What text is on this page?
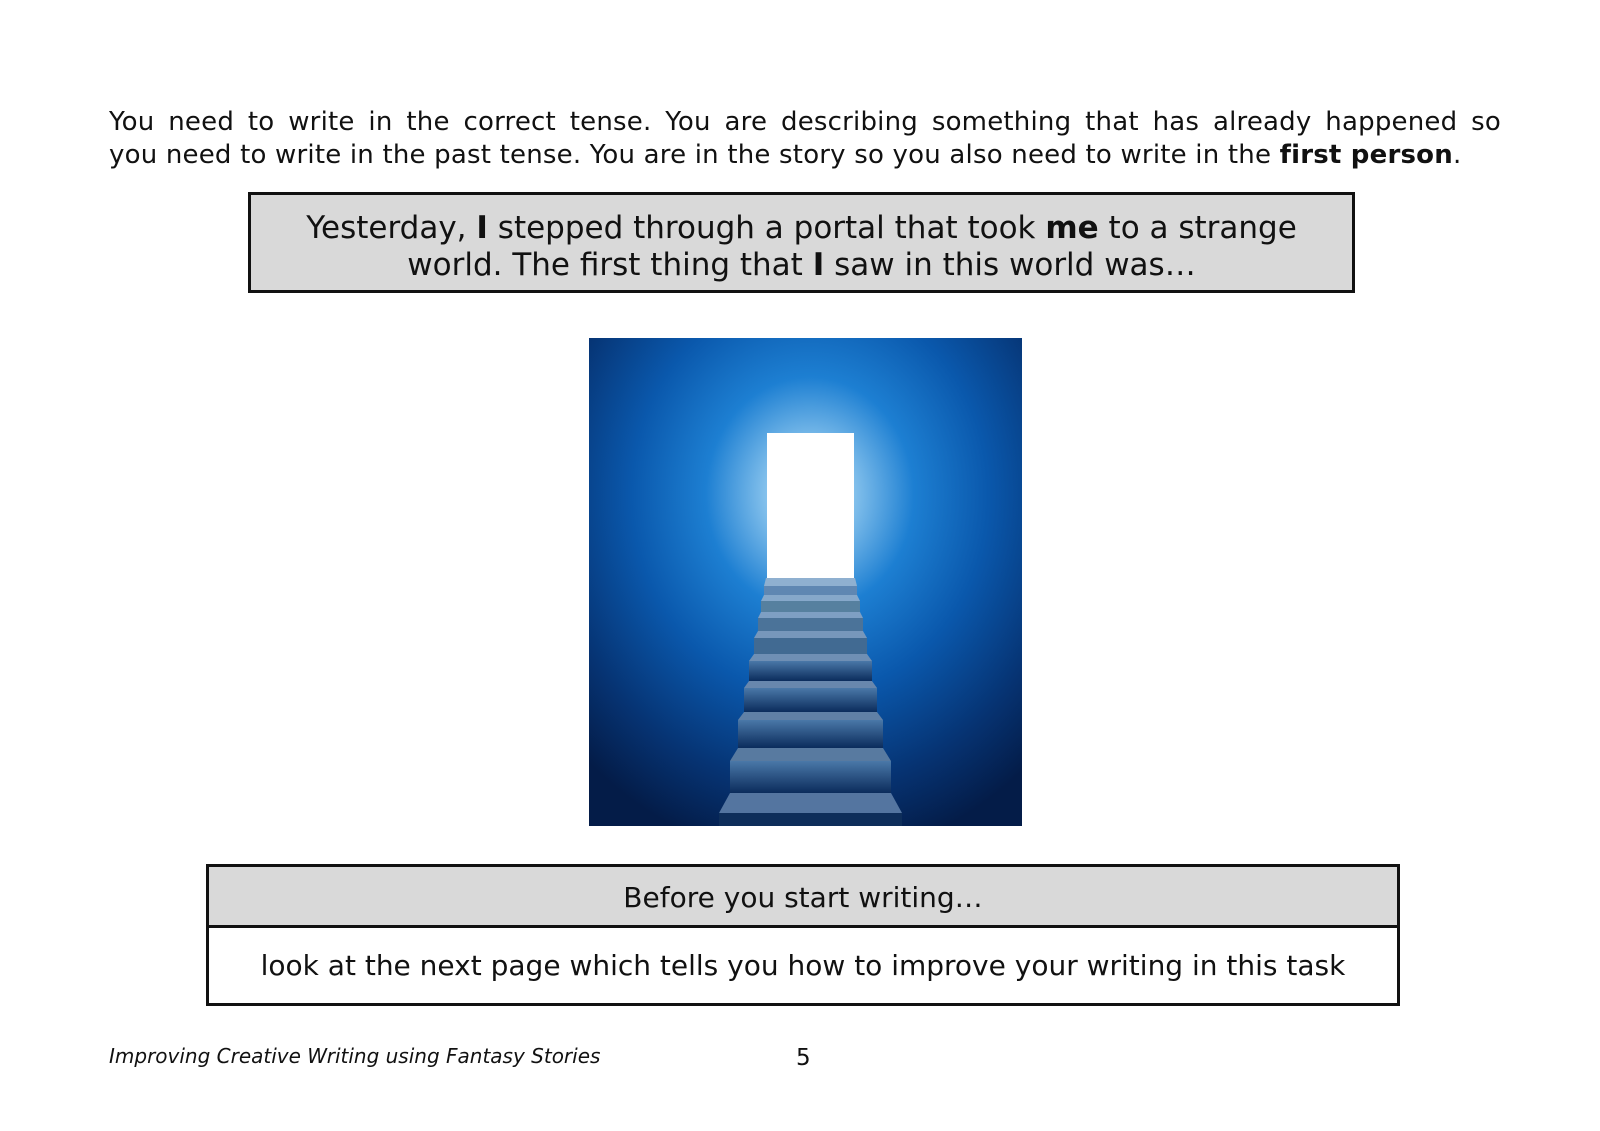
You need to write in the correct tense. You are describing something that has already happened so
you need to write in the past tense. You are in the story so you also need to write in the first person.
Yesterday, I stepped through a portal that took me to a strange
world. The first thing that I saw in this world was…
Before you start writing…
look at the next page which tells you how to improve your writing in this task
Improving Creative Writing using Fantasy Stories	5
